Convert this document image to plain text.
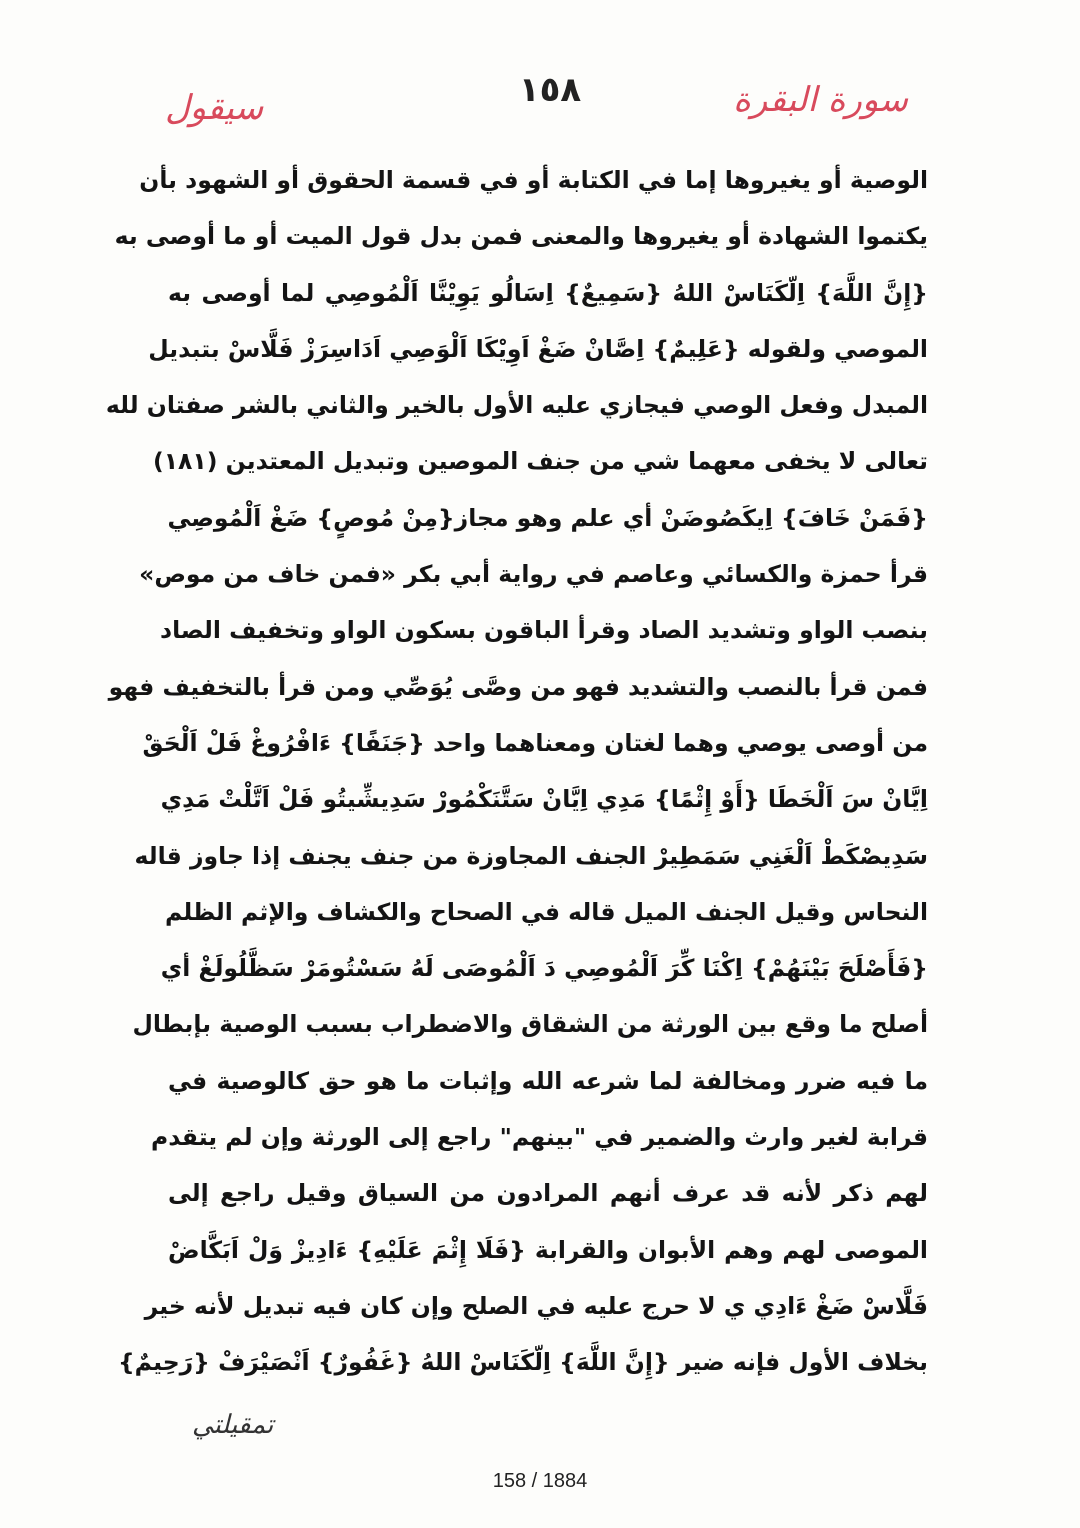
١٥٨	سورة البقرة
سيقول
الوصية أو يغيروها إما في الكتابة أو في قسمة الحقوق أو الشهود بأن
يكتموا الشهادة أو يغيروها والمعنى فمن بدل قول الميت أو ما أوصى به
{إِنَّ اللَّهَ} اِلّكَنَاسْ اللهُ {سَمِيعٌ} اِسَالُو يَوِيْنَّا اَلْمُوصِي لما أوصى به
الموصي ولقوله {عَلِيمٌ} اِصَّانْ ضَغْ اَوِيْكَا اَلْوَصِي اَدَاسِرَزْ فَلَّاسْ بتبديل
المبدل وفعل الوصي فيجازي عليه الأول بالخير والثاني بالشر صفتان لله
تعالى لا يخفى معهما شي من جنف الموصين وتبديل المعتدين (١٨١)
{فَمَنْ خَافَ} اِيكَصُوضَنْ أي علم وهو مجاز{مِنْ مُوصٍ} ضَغْ اَلْمُوصِي
قرأ حمزة والكسائي وعاصم في رواية أبي بكر «فمن خاف من موص»
بنصب الواو وتشديد الصاد وقرأ الباقون بسكون الواو وتخفيف الصاد
فمن قرأ بالنصب والتشديد فهو من وصَّى يُوَصِّي ومن قرأ بالتخفيف فهو
من أوصى يوصي وهما لغتان ومعناهما واحد {جَنَفًا} ءَافْرُوغْ فَلْ اَلْحَقْ
اِيَّانْ سَ اَلْخَطَا {أَوْ إِثْمًا} مَدِي اِيَّانْ سَتَّنَكْمُورْ سَدِيشِّيتُو فَلْ اَتَّلْتْ مَدِي
سَدِيصْكَطْ اَلْغَنِي سَمَطِيرْ الجنف المجاوزة من جنف يجنف إذا جاوز قاله
النحاس وقيل الجنف الميل قاله في الصحاح والكشاف والإثم الظلم
{فَأَصْلَحَ بَيْنَهُمْ} اِكْنَا كِّرَ اَلْمُوصِي دَ اَلْمُوصَى لَهُ سَسْتُومَرْ سَظَّلُولَغْ أي
أصلح ما وقع بين الورثة من الشقاق والاضطراب بسبب الوصية بإبطال
ما فيه ضرر ومخالفة لما شرعه الله وإثبات ما هو حق كالوصية في
قرابة لغير وارث والضمير في "بينهم" راجع إلى الورثة وإن لم يتقدم
لهم ذكر لأنه قد عرف أنهم المرادون من السياق وقيل راجع إلى
الموصى لهم وهم الأبوان والقرابة {فَلَا إِثْمَ عَلَيْهِ} ءَادِيزْ وَلْ اَبَكَّاضْ
فَلَّاسْ ضَغْ ءَادِي ي لا حرج عليه في الصلح وإن كان فيه تبديل لأنه خير
بخلاف الأول فإنه ضير {إِنَّ اللَّهَ} اِلّكَنَاسْ اللهُ {غَفُورٌ} اَنْصَيْرَفْ {رَحِيمٌ}
تمقيلتي
158 / 1884
